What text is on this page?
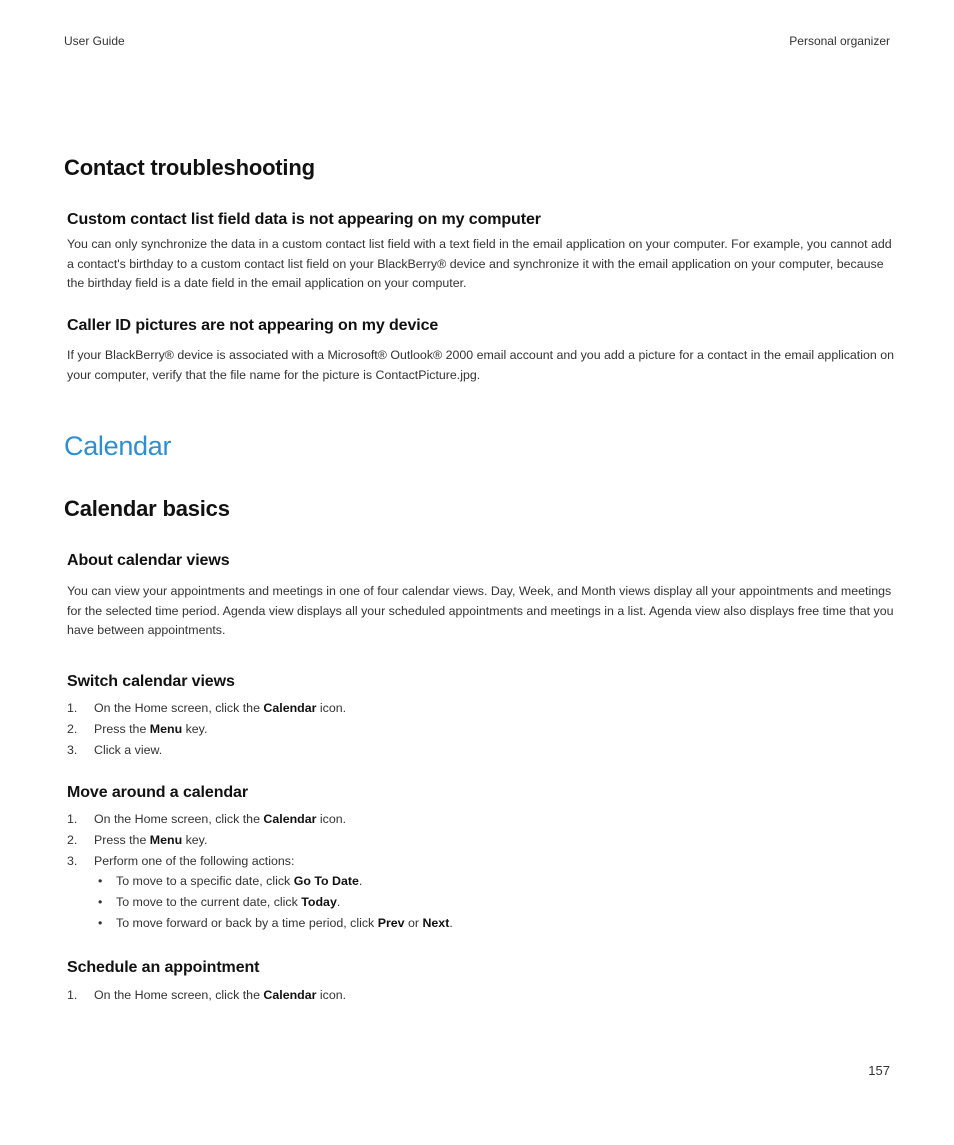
User Guide	Personal organizer
Contact troubleshooting
Custom contact list field data is not appearing on my computer
You can only synchronize the data in a custom contact list field with a text field in the email application on your computer. For example, you cannot add a contact's birthday to a custom contact list field on your BlackBerry® device and synchronize it with the email application on your computer, because the birthday field is a date field in the email application on your computer.
Caller ID pictures are not appearing on my device
If your BlackBerry® device is associated with a Microsoft® Outlook® 2000 email account and you add a picture for a contact in the email application on your computer, verify that the file name for the picture is ContactPicture.jpg.
Calendar
Calendar basics
About calendar views
You can view your appointments and meetings in one of four calendar views. Day, Week, and Month views display all your appointments and meetings for the selected time period. Agenda view displays all your scheduled appointments and meetings in a list. Agenda view also displays free time that you have between appointments.
Switch calendar views
1. On the Home screen, click the Calendar icon.
2. Press the Menu key.
3. Click a view.
Move around a calendar
1. On the Home screen, click the Calendar icon.
2. Press the Menu key.
3. Perform one of the following actions:
• To move to a specific date, click Go To Date.
• To move to the current date, click Today.
• To move forward or back by a time period, click Prev or Next.
Schedule an appointment
1. On the Home screen, click the Calendar icon.
157
